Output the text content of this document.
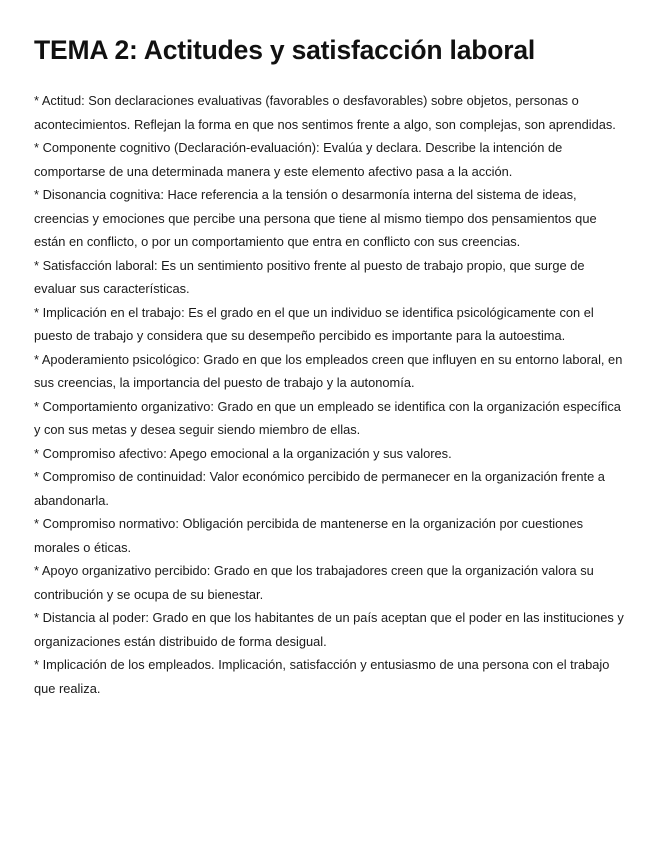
TEMA 2: Actitudes y satisfacción laboral

* Actitud: Son declaraciones evaluativas (favorables o desfavorables) sobre objetos, personas o acontecimientos. Reflejan la forma en que nos sentimos frente a algo, son complejas, son aprendidas.

* Componente cognitivo (Declaración-evaluación): Evalúa y declara. Describe la intención de comportarse de una determinada manera y este elemento afectivo pasa a la acción.

* Disonancia cognitiva: Hace referencia a la tensión o desarmonía interna del sistema de ideas, creencias y emociones que percibe una persona que tiene al mismo tiempo dos pensamientos que están en conflicto, o por un comportamiento que entra en conflicto con sus creencias.

* Satisfacción laboral: Es un sentimiento positivo frente al puesto de trabajo propio, que surge de evaluar sus características.

* Implicación en el trabajo: Es el grado en el que un individuo se identifica psicológicamente con el puesto de trabajo y considera que su desempeño percibido es importante para la autoestima.

* Apoderamiento psicológico: Grado en que los empleados creen que influyen en su entorno laboral, en sus creencias, la importancia del puesto de trabajo y la autonomía.

* Comportamiento organizativo: Grado en que un empleado se identifica con la organización específica y con sus metas y desea seguir siendo miembro de ellas.

* Compromiso afectivo: Apego emocional a la organización y sus valores.

* Compromiso de continuidad: Valor económico percibido de permanecer en la organización frente a abandonarla.

* Compromiso normativo: Obligación percibida de mantenerse en la organización por cuestiones morales o éticas.

* Apoyo organizativo percibido: Grado en que los trabajadores creen que la organización valora su contribución y se ocupa de su bienestar.

* Distancia al poder: Grado en que los habitantes de un país aceptan que el poder en las instituciones y organizaciones están distribuido de forma desigual.

* Implicación de los empleados. Implicación, satisfacción y entusiasmo de una persona con el trabajo que realiza.
